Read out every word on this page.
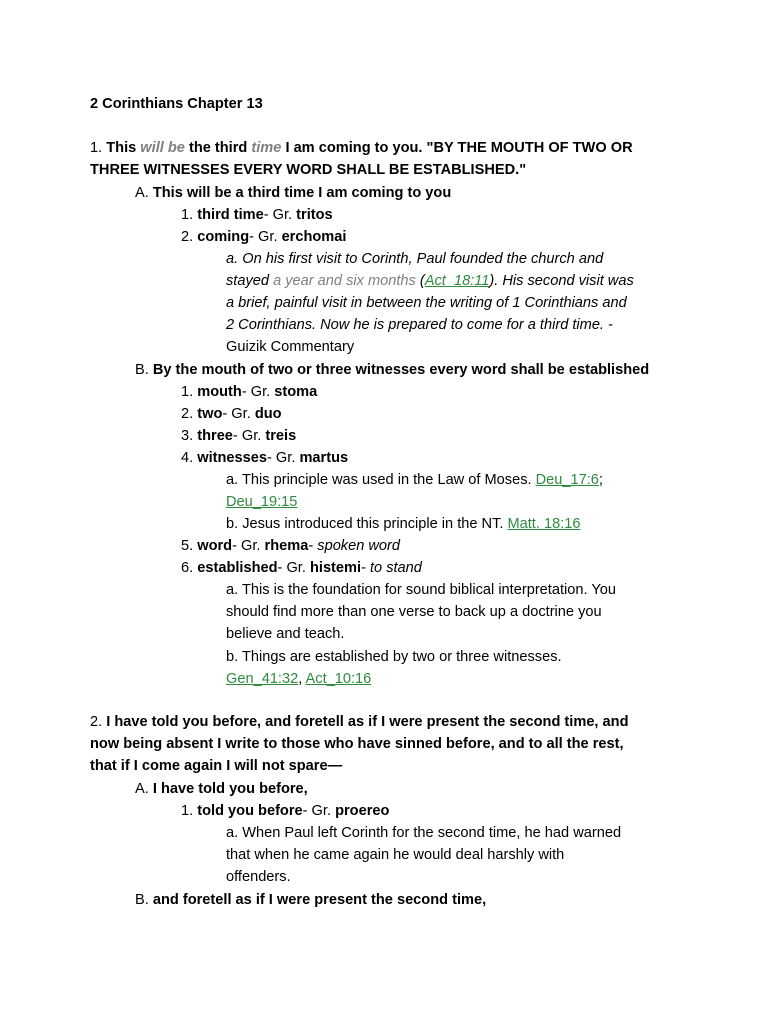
2 Corinthians Chapter 13
1. This will be the third time I am coming to you. "BY THE MOUTH OF TWO OR
THREE WITNESSES EVERY WORD SHALL BE ESTABLISHED."
A. This will be a third time I am coming to you
1. third time- Gr. tritos
2. coming- Gr. erchomai
a. On his first visit to Corinth, Paul founded the church and
stayed a year and six months (Act_18:11). His second visit was
a brief, painful visit in between the writing of 1 Corinthians and
2 Corinthians. Now he is prepared to come for a third time. -
Guizik Commentary
B. By the mouth of two or three witnesses every word shall be established
1. mouth- Gr. stoma
2. two- Gr. duo
3. three- Gr. treis
4. witnesses- Gr. martus
a. This principle was used in the Law of Moses. Deu_17:6;
Deu_19:15
b. Jesus introduced this principle in the NT. Matt. 18:16
5. word- Gr. rhema- spoken word
6. established- Gr. histemi- to stand
a. This is the foundation for sound biblical interpretation. You
should find more than one verse to back up a doctrine you
believe and teach.
b. Things are established by two or three witnesses.
Gen_41:32, Act_10:16
2. I have told you before, and foretell as if I were present the second time, and
now being absent I write to those who have sinned before, and to all the rest,
that if I come again I will not spare—
A. I have told you before,
1. told you before- Gr. proereo
a. When Paul left Corinth for the second time, he had warned
that when he came again he would deal harshly with
offenders.
B. and foretell as if I were present the second time,
